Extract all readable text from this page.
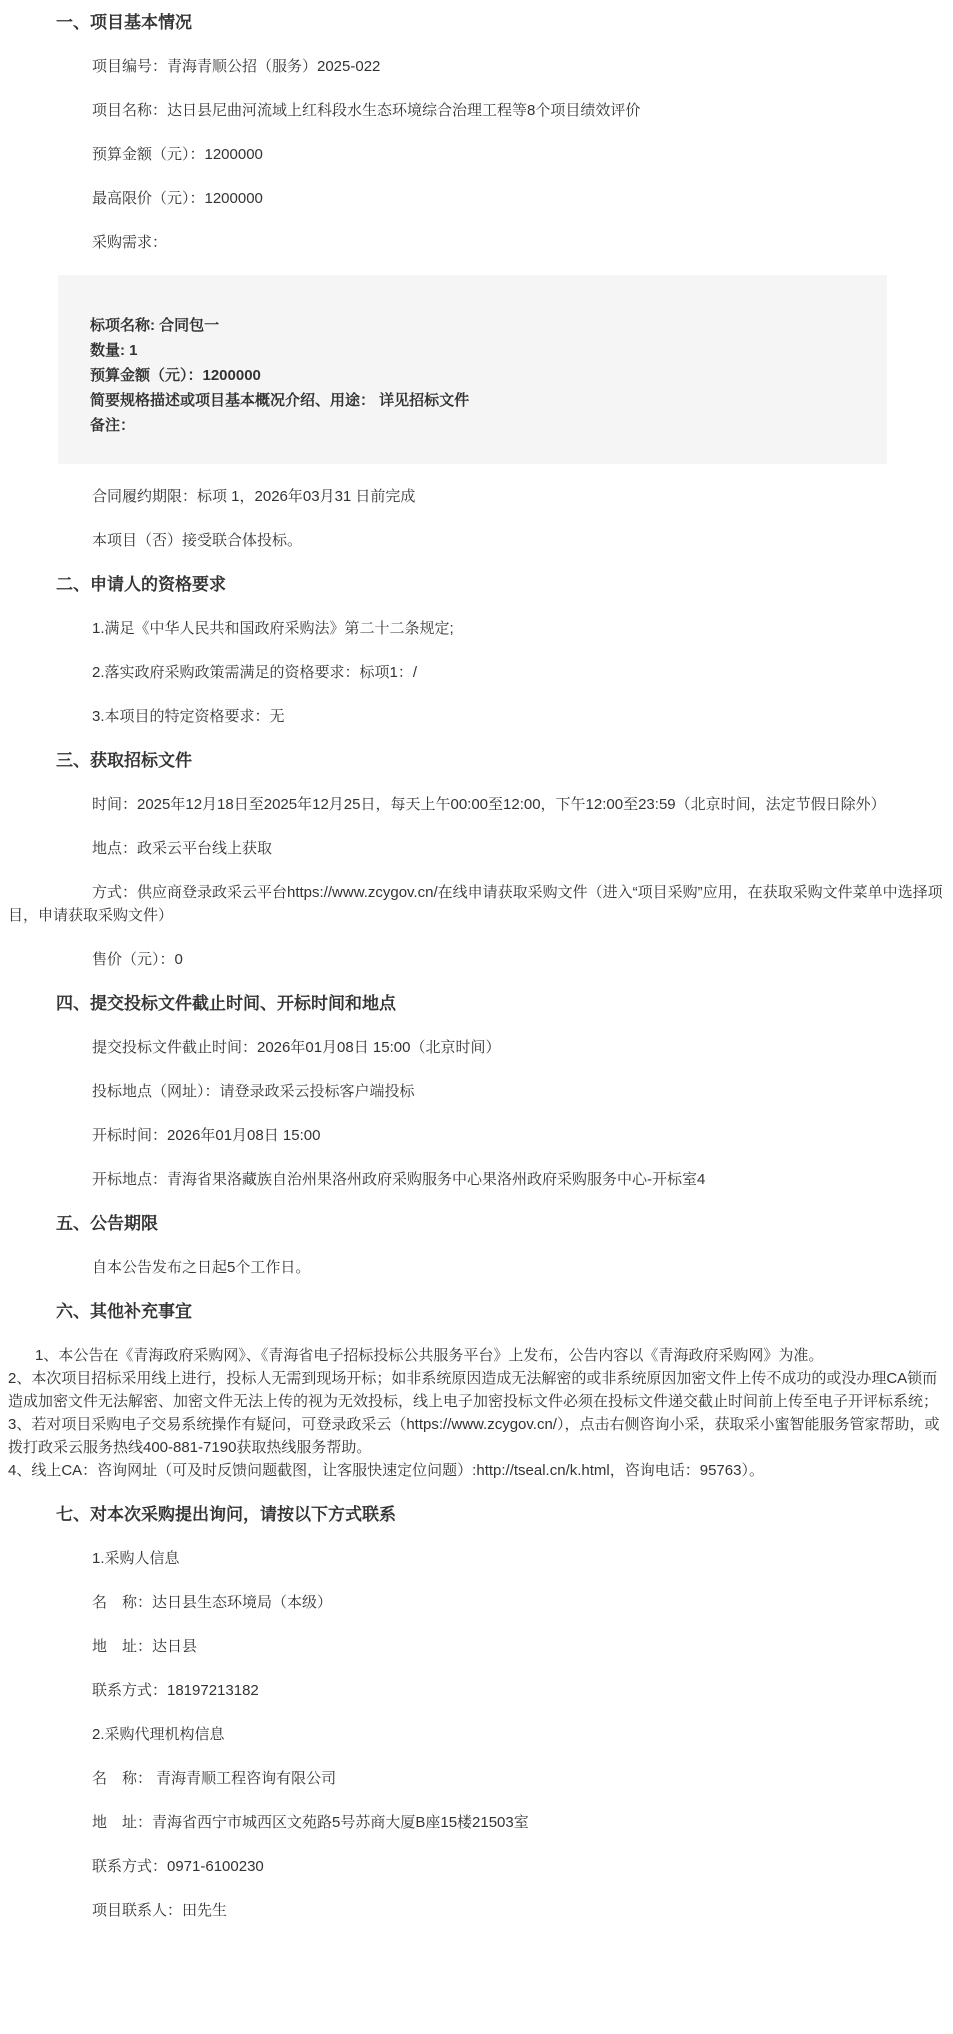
一、项目基本情况

项目编号：青海青顺公招（服务）2025-022

项目名称：达日县尼曲河流域上红科段水生态环境综合治理工程等8个项目绩效评价

预算金额（元）：1200000

最高限价（元）：1200000

采购需求：

标项名称: 合同包一

数量: 1

预算金额（元）：1200000

简要规格描述或项目基本概况介绍、用途： 详见招标文件

备注：

合同履约期限：标项 1，2026年03月31 日前完成

本项目（否）接受联合体投标。

二、申请人的资格要求

1.满足《中华人民共和国政府采购法》第二十二条规定;

2.落实政府采购政策需满足的资格要求：标项1：/

3.本项目的特定资格要求：无

三、获取招标文件

时间：2025年12月18日至2025年12月25日，每天上午00:00至12:00，下午12:00至23:59（北京时间，法定节假日除外）

地点：政采云平台线上获取

方式：供应商登录政采云平台https://www.zcygov.cn/在线申请获取采购文件（进入“项目采购”应用，在获取采购文件菜单中选择项目，申请获取采购文件）

售价（元）：0

四、提交投标文件截止时间、开标时间和地点

提交投标文件截止时间：2026年01月08日 15:00（北京时间）

投标地点（网址）：请登录政采云投标客户端投标

开标时间：2026年01月08日 15:00

开标地点：青海省果洛藏族自治州果洛州政府采购服务中心果洛州政府采购服务中心-开标室4

五、公告期限

自本公告发布之日起5个工作日。

六、其他补充事宜

1、本公告在《青海政府采购网》、《青海省电子招标投标公共服务平台》上发布，公告内容以《青海政府采购网》为准。

2、本次项目招标采用线上进行，投标人无需到现场开标；如非系统原因造成无法解密的或非系统原因加密文件上传不成功的或没办理CA锁而造成加密文件无法解密、加密文件无法上传的视为无效投标，线上电子加密投标文件必须在投标文件递交截止时间前上传至电子开评标系统；

3、若对项目采购电子交易系统操作有疑问，可登录政采云（https://www.zcygov.cn/），点击右侧咨询小采，获取采小蜜智能服务管家帮助，或拨打政采云服务热线400-881-7190获取热线服务帮助。

4、线上CA：咨询网址（可及时反馈问题截图，让客服快速定位问题）:http://tseal.cn/k.html，咨询电话：95763）。

七、对本次采购提出询问，请按以下方式联系

1.采购人信息

名　称：达日县生态环境局（本级）

地　址：达日县

联系方式：18197213182

2.采购代理机构信息

名　称： 青海青顺工程咨询有限公司

地　址：青海省西宁市城西区文苑路5号苏商大厦B座15楼21503室

联系方式：0971-6100230

项目联系人：田先生
